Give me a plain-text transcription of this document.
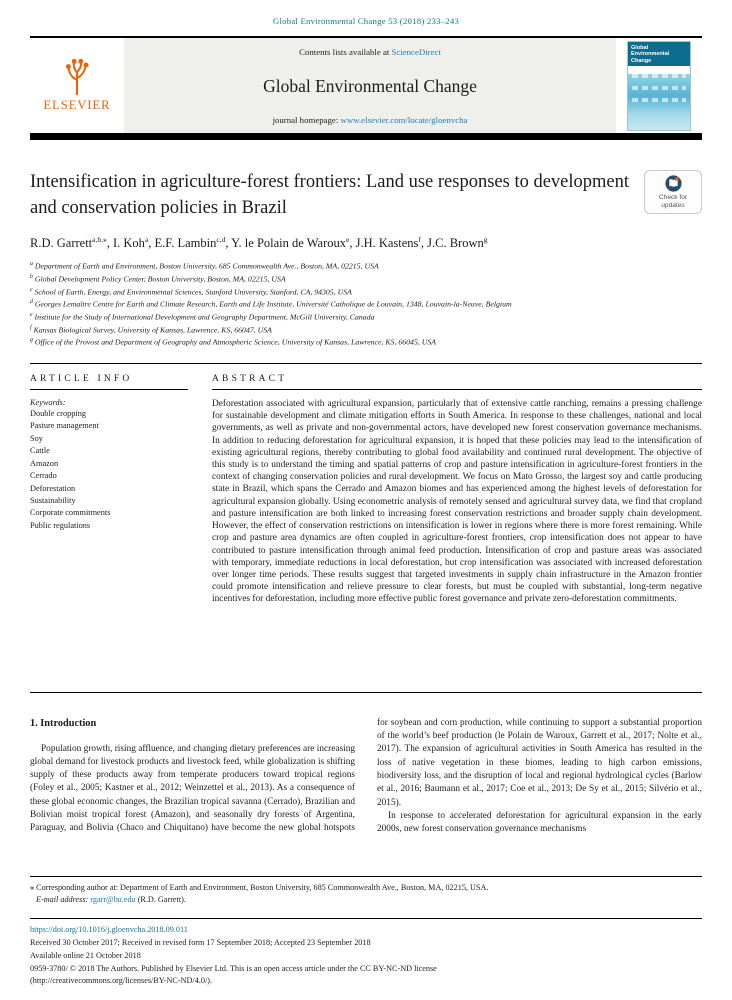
Global Environmental Change 53 (2018) 233–243
ELSEVIER
Contents lists available at ScienceDirect
Global Environmental Change
journal homepage: www.elsevier.com/locate/gloenvcha
Global Environmental Change
Intensification in agriculture-forest frontiers: Land use responses to development and conservation policies in Brazil
Check for
updates
R.D. Garrett$^{a,b,⁎}$, I. Koh$^a$, E.F. Lambin$^{c,d}$, Y. le Polain de Waroux$^e$, J.H. Kastens$^f$, J.C. Brown$^g$
$^a$ Department of Earth and Environment, Boston University, 685 Commonwealth Ave., Boston, MA, 02215, USA
$^b$ Global Development Policy Center, Boston University, Boston, MA, 02215, USA
$^c$ School of Earth, Energy, and Environmental Sciences, Stanford University, Stanford, CA, 94305, USA
$^d$ Georges Lemaître Centre for Earth and Climate Research, Earth and Life Institute, Université Catholique de Louvain, 1348, Louvain-la-Neuve, Belgium
$^e$ Institute for the Study of International Development and Geography Department, McGill University, Canada
$^f$ Kansas Biological Survey, University of Kansas, Lawrence, KS, 66047, USA
$^g$ Office of the Provost and Department of Geography and Atmospheric Science, University of Kansas, Lawrence, KS, 66045, USA
ARTICLE INFO
Keywords:
Double cropping
Pasture management
Soy
Cattle
Amazon
Cerrado
Deforestation
Sustainability
Corporate commitments
Public regulations
ABSTRACT

Deforestation associated with agricultural expansion, particularly that of extensive cattle ranching, remains a pressing challenge for sustainable development and climate mitigation efforts in South America. In response to these challenges, national and local governments, as well as private and non-governmental actors, have developed new forest conservation governance mechanisms. In addition to reducing deforestation for agricultural expansion, it is hoped that these policies may lead to the intensification of existing agricultural regions, thereby contributing to global food availability and continued rural development. The objective of this study is to understand the timing and spatial patterns of crop and pasture intensification in agriculture-forest frontiers in the context of changing conservation policies and rural development. We focus on Mato Grosso, the largest soy and cattle producing state in Brazil, which spans the Cerrado and Amazon biomes and has experienced among the highest levels of deforestation for agricultural expansion globally. Using econometric analysis of remotely sensed and agricultural survey data, we find that cropland and pasture intensification are both linked to increasing forest conservation restrictions and broader supply chain development. However, the effect of conservation restrictions on intensification is lower in regions where there is more forest remaining. While crop and pasture area dynamics are often coupled in agriculture-forest frontiers, crop intensification does not appear to have contributed to pasture intensification through animal feed production. Intensification of crop and pasture areas was associated with temporary, immediate reductions in local deforestation, but crop intensification was associated with increased deforestation over longer time periods. These results suggest that targeted investments in supply chain infrastructure in the Amazon frontier could promote intensification and relieve pressure to clear forests, but must be coupled with substantial, long-term negative incentives for deforestation, including more effective public forest governance and private zero-deforestation commitments.

1. Introduction

Population growth, rising affluence, and changing dietary preferences are increasing global demand for livestock products and livestock feed, while globalization is shifting supply of these products away from temperate producers toward tropical regions (Foley et al., 2005; Kastner et al., 2012; Weinzettel et al., 2013). As a consequence of these global economic changes, the Brazilian tropical savanna (Cerrado), Brazilian and Bolivian moist tropical forest (Amazon), and seasonally dry forests of Argentina, Paraguay, and Bolivia (Chaco and Chiquitano) have become the new global hotspots for soybean and corn production, while continuing to support a substantial proportion of the world’s beef production (le Polain de Waroux, Garrett et al., 2017; Nolte et al., 2017). The expansion of agricultural activities in South America has resulted in the loss of native vegetation in these biomes, leading to high carbon emissions, biodiversity loss, and the disruption of local and regional hydrological cycles (Barlow et al., 2016; Baumann et al., 2017; Coe et al., 2013; De Sy et al., 2015; Silvério et al., 2015).

In response to accelerated deforestation for agricultural expansion in the early 2000s, new forest conservation governance mechanisms

⁎ Corresponding author at: Department of Earth and Environment, Boston University, 685 Commonwealth Ave., Boston, MA, 02215, USA.
E-mail address: rgarr@bu.edu (R.D. Garrett).
https://doi.org/10.1016/j.gloenvcha.2018.09.011
Received 30 October 2017; Received in revised form 17 September 2018; Accepted 23 September 2018
Available online 21 October 2018
0959-3780/ © 2018 The Authors. Published by Elsevier Ltd. This is an open access article under the CC BY-NC-ND license
(http://creativecommons.org/licenses/BY-NC-ND/4.0/).
